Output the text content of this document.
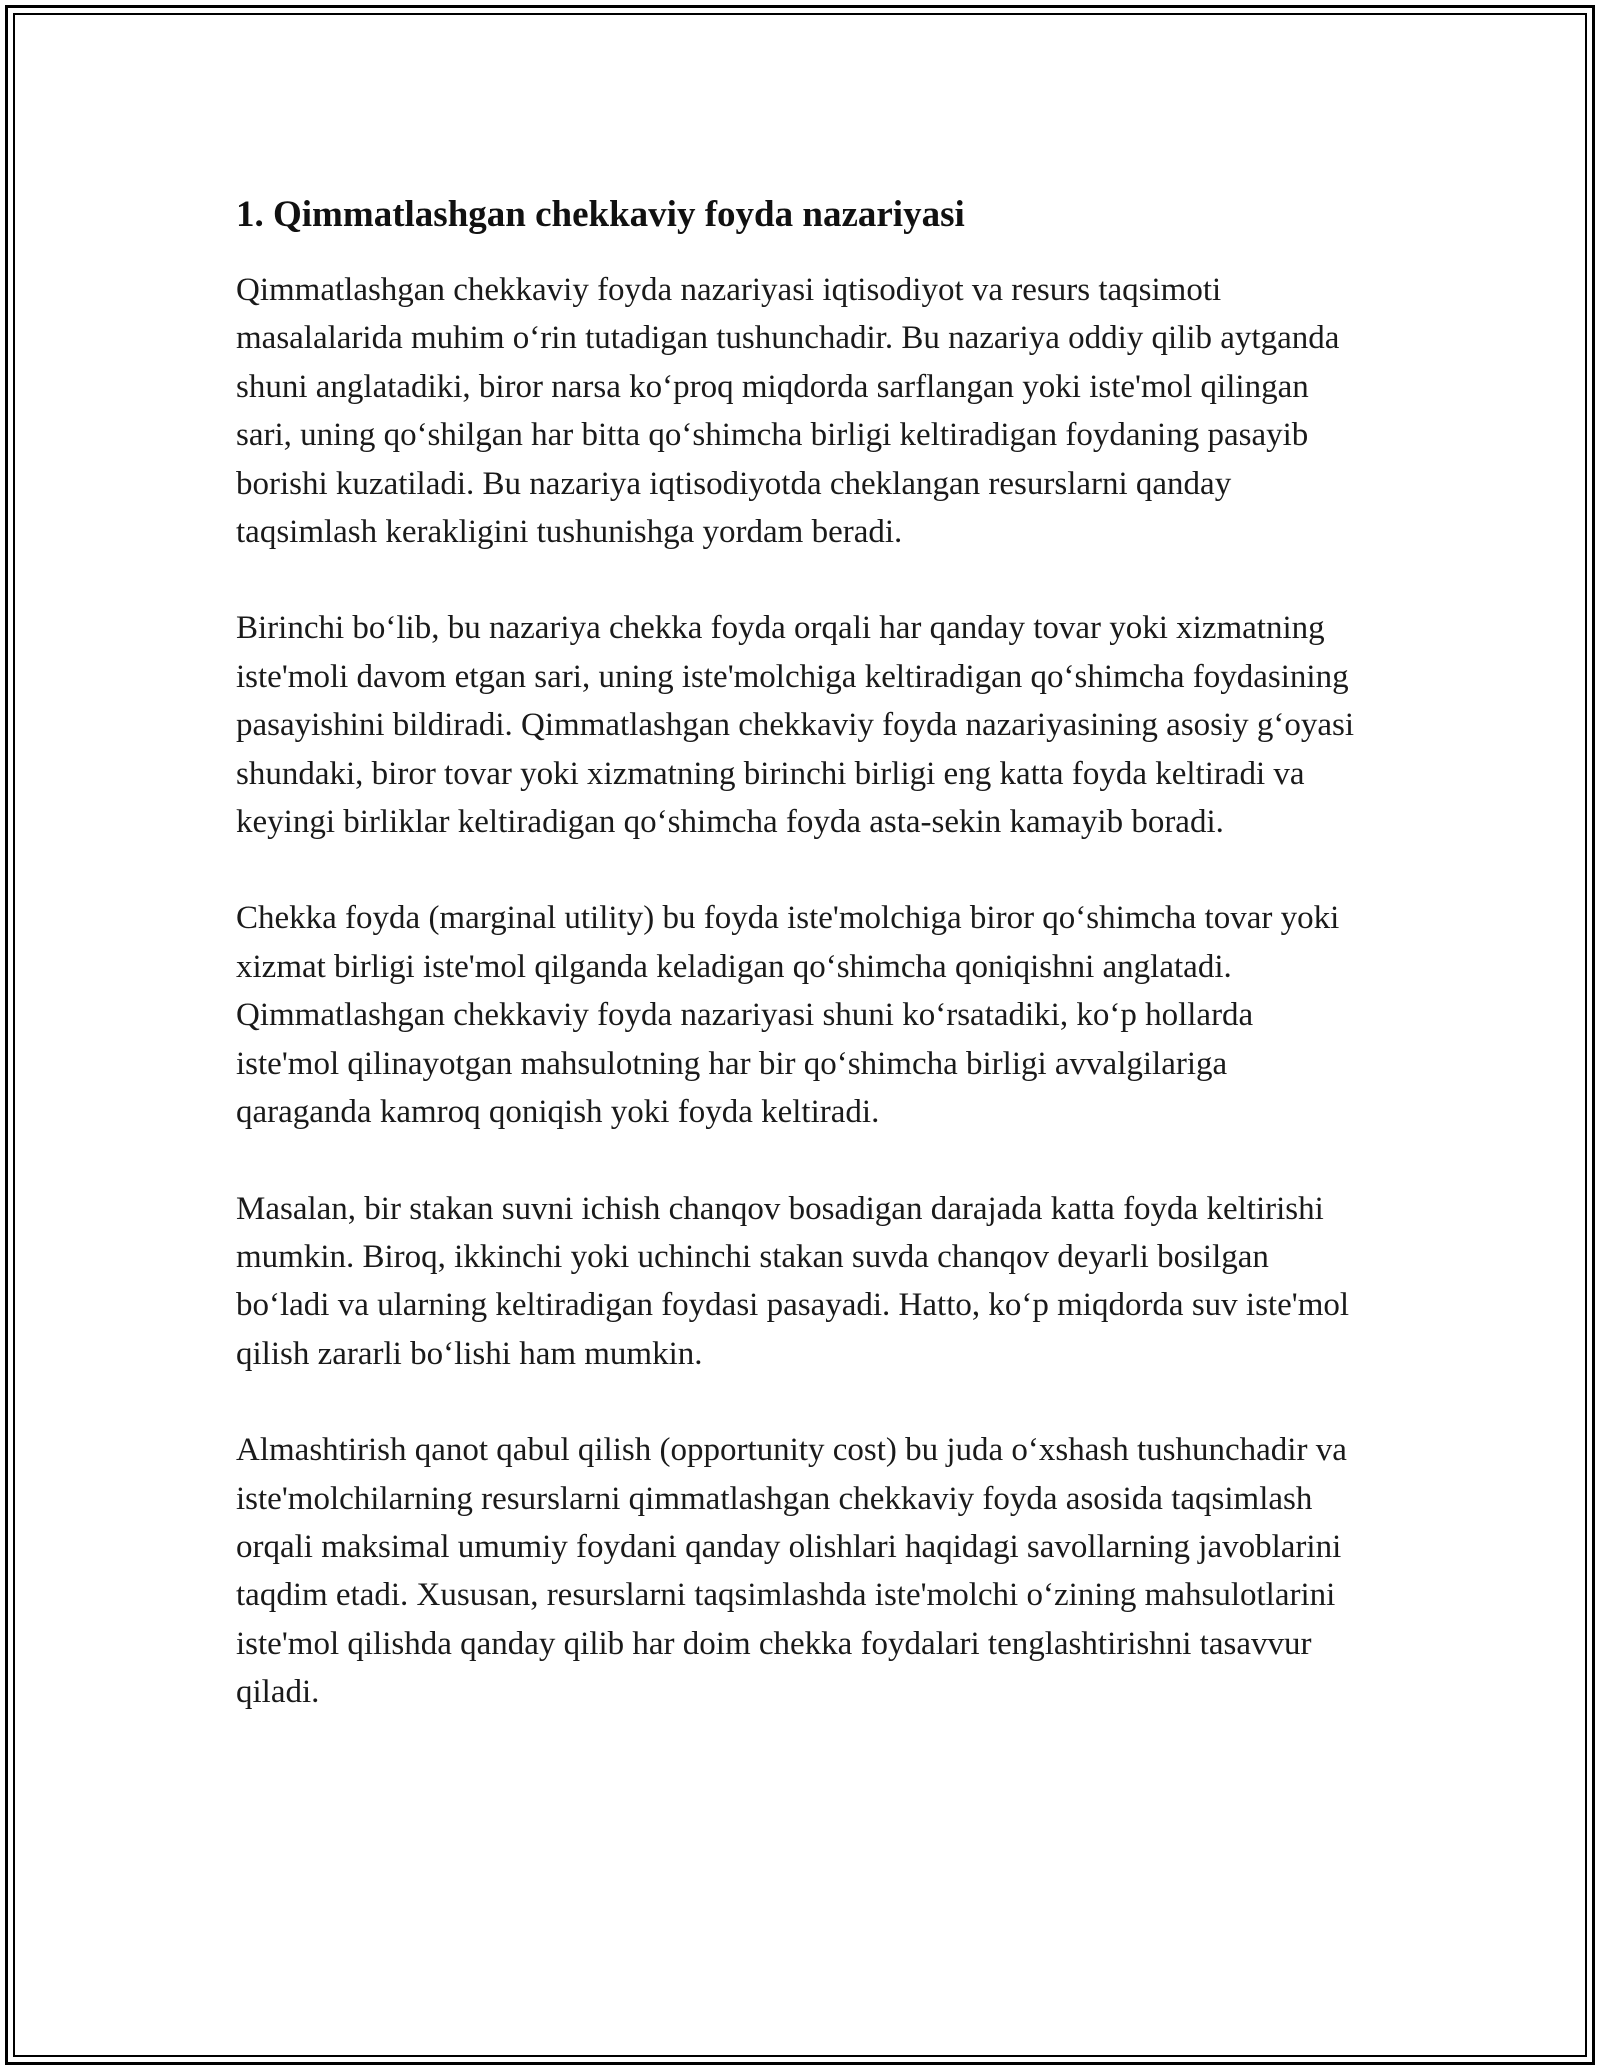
1. Qimmatlashgan chekkaviy foyda nazariyasi

Qimmatlashgan chekkaviy foyda nazariyasi iqtisodiyot va resurs taqsimoti masalalarida muhim o‘rin tutadigan tushunchadir. Bu nazariya oddiy qilib aytganda shuni anglatadiki, biror narsa ko‘proq miqdorda sarflangan yoki iste'mol qilingan sari, uning qo‘shilgan har bitta qo‘shimcha birligi keltiradigan foydaning pasayib borishi kuzatiladi. Bu nazariya iqtisodiyotda cheklangan resurslarni qanday taqsimlash kerakligini tushunishga yordam beradi.

Birinchi bo‘lib, bu nazariya chekka foyda orqali har qanday tovar yoki xizmatning iste'moli davom etgan sari, uning iste'molchiga keltiradigan qo‘shimcha foydasining pasayishini bildiradi. Qimmatlashgan chekkaviy foyda nazariyasining asosiy g‘oyasi shundaki, biror tovar yoki xizmatning birinchi birligi eng katta foyda keltiradi va keyingi birliklar keltiradigan qo‘shimcha foyda asta-sekin kamayib boradi.

Chekka foyda (marginal utility) bu foyda iste'molchiga biror qo‘shimcha tovar yoki xizmat birligi iste'mol qilganda keladigan qo‘shimcha qoniqishni anglatadi. Qimmatlashgan chekkaviy foyda nazariyasi shuni ko‘rsatadiki, ko‘p hollarda iste'mol qilinayotgan mahsulotning har bir qo‘shimcha birligi avvalgilariga qaraganda kamroq qoniqish yoki foyda keltiradi.

Masalan, bir stakan suvni ichish chanqov bosadigan darajada katta foyda keltirishi mumkin. Biroq, ikkinchi yoki uchinchi stakan suvda chanqov deyarli bosilgan bo‘ladi va ularning keltiradigan foydasi pasayadi. Hatto, ko‘p miqdorda suv iste'mol qilish zararli bo‘lishi ham mumkin.

Almashtirish qanot qabul qilish (opportunity cost) bu juda o‘xshash tushunchadir va iste'molchilarning resurslarni qimmatlashgan chekkaviy foyda asosida taqsimlash orqali maksimal umumiy foydani qanday olishlari haqidagi savollarning javoblarini taqdim etadi. Xususan, resurslarni taqsimlashda iste'molchi o‘zining mahsulotlarini iste'mol qilishda qanday qilib har doim chekka foydalari tenglashtirishni tasavvur qiladi.
